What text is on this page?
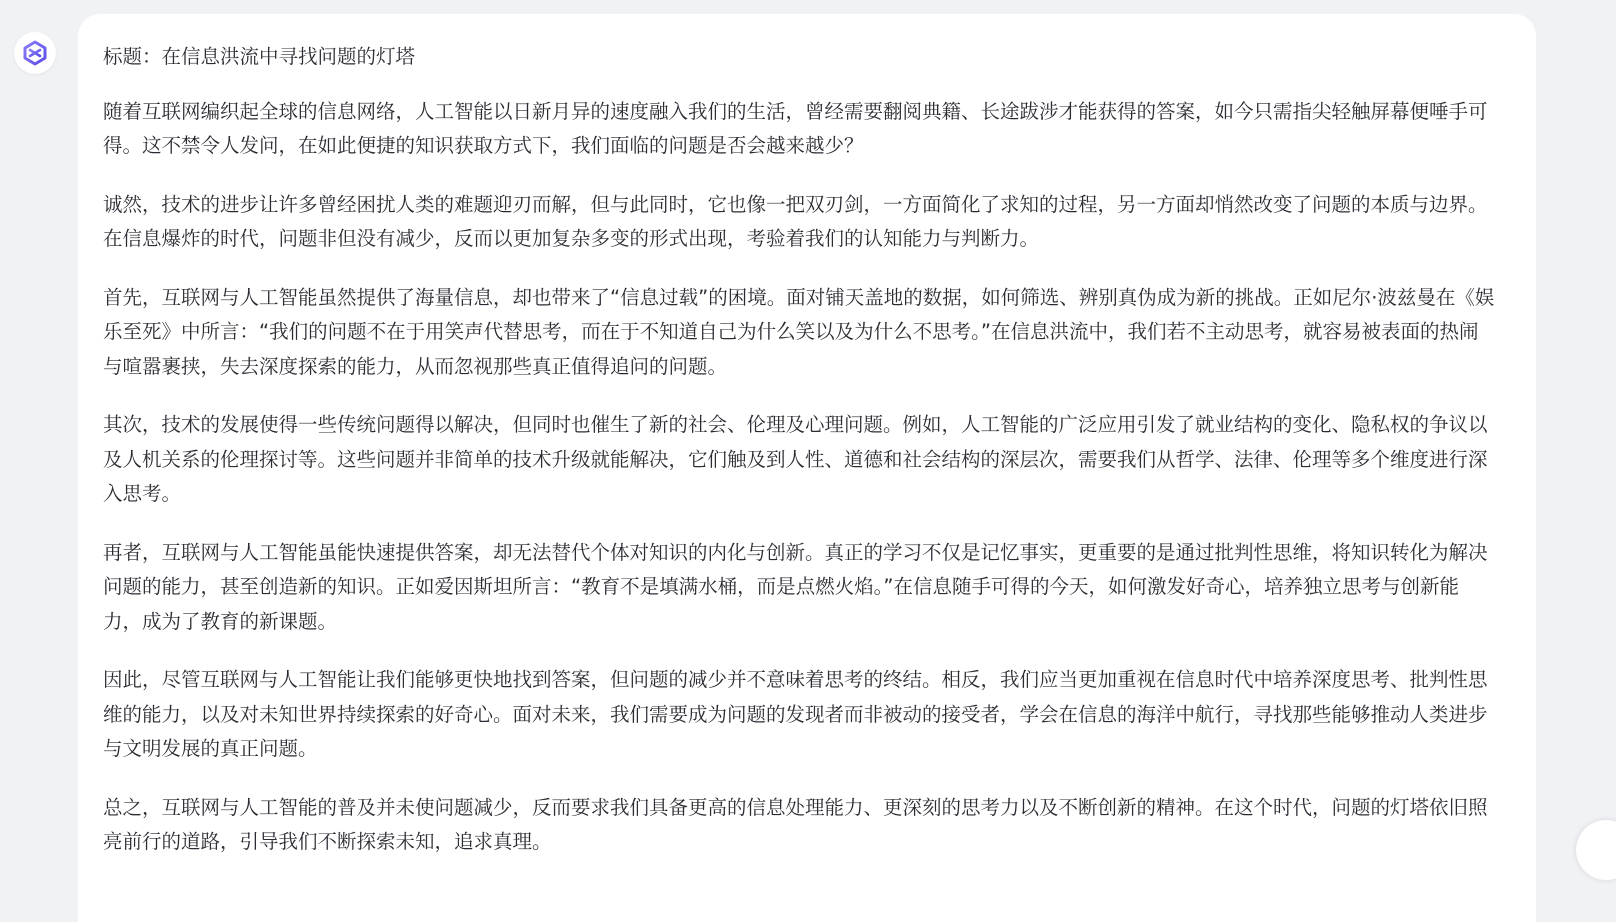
标题：在信息洪流中寻找问题的灯塔

随着互联网编织起全球的信息网络，人工智能以日新月异的速度融入我们的生活，曾经需要翻阅典籍、长途跋涉才能获得的答案，如今只需指尖轻触屏幕便唾手可得。这不禁令人发问，在如此便捷的知识获取方式下，我们面临的问题是否会越来越少？

诚然，技术的进步让许多曾经困扰人类的难题迎刃而解，但与此同时，它也像一把双刃剑，一方面简化了求知的过程，另一方面却悄然改变了问题的本质与边界。在信息爆炸的时代，问题非但没有减少，反而以更加复杂多变的形式出现，考验着我们的认知能力与判断力。

首先，互联网与人工智能虽然提供了海量信息，却也带来了“信息过载”的困境。面对铺天盖地的数据，如何筛选、辨别真伪成为新的挑战。正如尼尔·波兹曼在《娱乐至死》中所言：“我们的问题不在于用笑声代替思考，而在于不知道自己为什么笑以及为什么不思考。”在信息洪流中，我们若不主动思考，就容易被表面的热闹与喧嚣裹挟，失去深度探索的能力，从而忽视那些真正值得追问的问题。

其次，技术的发展使得一些传统问题得以解决，但同时也催生了新的社会、伦理及心理问题。例如，人工智能的广泛应用引发了就业结构的变化、隐私权的争议以及人机关系的伦理探讨等。这些问题并非简单的技术升级就能解决，它们触及到人性、道德和社会结构的深层次，需要我们从哲学、法律、伦理等多个维度进行深入思考。

再者，互联网与人工智能虽能快速提供答案，却无法替代个体对知识的内化与创新。真正的学习不仅是记忆事实，更重要的是通过批判性思维，将知识转化为解决问题的能力，甚至创造新的知识。正如爱因斯坦所言：“教育不是填满水桶，而是点燃火焰。”在信息随手可得的今天，如何激发好奇心，培养独立思考与创新能力，成为了教育的新课题。

因此，尽管互联网与人工智能让我们能够更快地找到答案，但问题的减少并不意味着思考的终结。相反，我们应当更加重视在信息时代中培养深度思考、批判性思维的能力，以及对未知世界持续探索的好奇心。面对未来，我们需要成为问题的发现者而非被动的接受者，学会在信息的海洋中航行，寻找那些能够推动人类进步与文明发展的真正问题。

总之，互联网与人工智能的普及并未使问题减少，反而要求我们具备更高的信息处理能力、更深刻的思考力以及不断创新的精神。在这个时代，问题的灯塔依旧照亮前行的道路，引导我们不断探索未知，追求真理。
